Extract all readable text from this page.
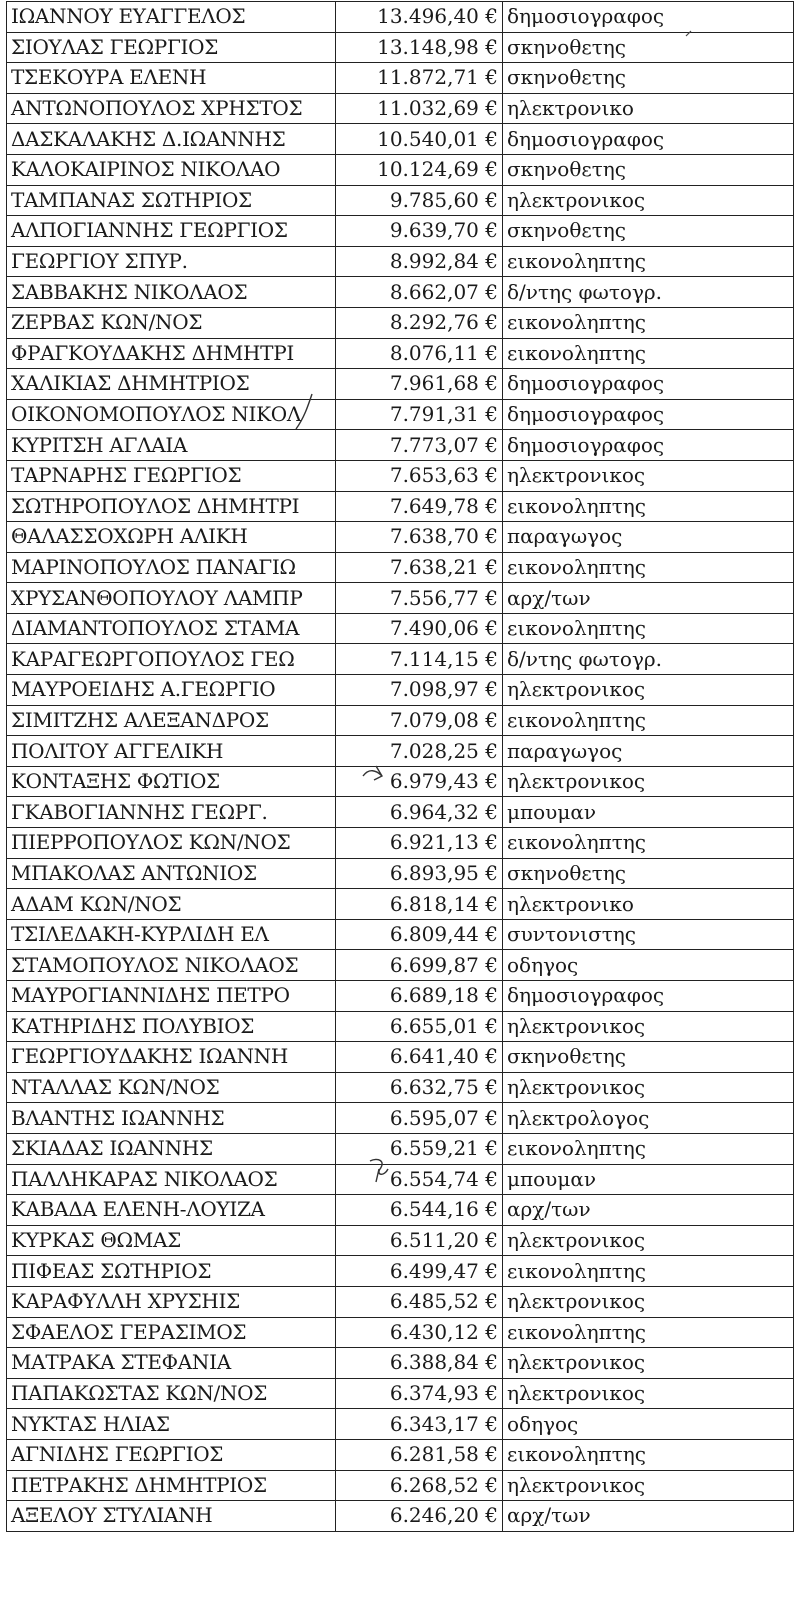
ΙΩΑΝΝΟΥ ΕΥΑΓΓΕΛΟΣ	13.496,40 €	δημοσιογραφος
ΣΙΟΥΛΑΣ ΓΕΩΡΓΙΟΣ	13.148,98 €	σκηνοθετης
ΤΣΕΚΟΥΡΑ ΕΛΕΝΗ	11.872,71 €	σκηνοθετης
ΑΝΤΩΝΟΠΟΥΛΟΣ ΧΡΗΣΤΟΣ	11.032,69 €	ηλεκτρονικο
ΔΑΣΚΑΛΑΚΗΣ Δ.ΙΩΑΝΝΗΣ	10.540,01 €	δημοσιογραφος
ΚΑΛΟΚΑΙΡΙΝΟΣ ΝΙΚΟΛΑΟ	10.124,69 €	σκηνοθετης
ΤΑΜΠΑΝΑΣ ΣΩΤΗΡΙΟΣ	9.785,60 €	ηλεκτρονικος
ΑΛΠΟΓΙΑΝΝΗΣ ΓΕΩΡΓΙΟΣ	9.639,70 €	σκηνοθετης
ΓΕΩΡΓΙΟΥ ΣΠΥΡ.	8.992,84 €	εικονοληπτης
ΣΑΒΒΑΚΗΣ ΝΙΚΟΛΑΟΣ	8.662,07 €	δ/ντης φωτογρ.
ΖΕΡΒΑΣ ΚΩΝ/ΝΟΣ	8.292,76 €	εικονοληπτης
ΦΡΑΓΚΟΥΔΑΚΗΣ ΔΗΜΗΤΡΙ	8.076,11 €	εικονοληπτης
ΧΑΛΙΚΙΑΣ ΔΗΜΗΤΡΙΟΣ	7.961,68 €	δημοσιογραφος
ΟΙΚΟΝΟΜΟΠΟΥΛΟΣ ΝΙΚΟΛ	7.791,31 €	δημοσιογραφος
ΚΥΡΙΤΣΗ ΑΓΛΑΙΑ	7.773,07 €	δημοσιογραφος
ΤΑΡΝΑΡΗΣ ΓΕΩΡΓΙΟΣ	7.653,63 €	ηλεκτρονικος
ΣΩΤΗΡΟΠΟΥΛΟΣ ΔΗΜΗΤΡΙ	7.649,78 €	εικονοληπτης
ΘΑΛΑΣΣΟΧΩΡΗ ΑΛΙΚΗ	7.638,70 €	παραγωγος
ΜΑΡΙΝΟΠΟΥΛΟΣ ΠΑΝΑΓΙΩ	7.638,21 €	εικονοληπτης
ΧΡΥΣΑΝΘΟΠΟΥΛΟΥ ΛΑΜΠΡ	7.556,77 €	αρχ/των
ΔΙΑΜΑΝΤΟΠΟΥΛΟΣ ΣΤΑΜΑ	7.490,06 €	εικονοληπτης
ΚΑΡΑΓΕΩΡΓΟΠΟΥΛΟΣ ΓΕΩ	7.114,15 €	δ/ντης φωτογρ.
ΜΑΥΡΟΕΙΔΗΣ Α.ΓΕΩΡΓΙΟ	7.098,97 €	ηλεκτρονικος
ΣΙΜΙΤΖΗΣ ΑΛΕΞΑΝΔΡΟΣ	7.079,08 €	εικονοληπτης
ΠΟΛΙΤΟΥ ΑΓΓΕΛΙΚΗ	7.028,25 €	παραγωγος
ΚΟΝΤΑΞΗΣ ΦΩΤΙΟΣ	6.979,43 €	ηλεκτρονικος
ΓΚΑΒΟΓΙΑΝΝΗΣ ΓΕΩΡΓ.	6.964,32 €	μπουμαν
ΠΙΕΡΡΟΠΟΥΛΟΣ ΚΩΝ/ΝΟΣ	6.921,13 €	εικονοληπτης
ΜΠΑΚΟΛΑΣ ΑΝΤΩΝΙΟΣ	6.893,95 €	σκηνοθετης
ΑΔΑΜ ΚΩΝ/ΝΟΣ	6.818,14 €	ηλεκτρονικο
ΤΣΙΛΕΔΑΚΗ-ΚΥΡΛΙΔΗ ΕΛ	6.809,44 €	συντονιστης
ΣΤΑΜΟΠΟΥΛΟΣ ΝΙΚΟΛΑΟΣ	6.699,87 €	οδηγος
ΜΑΥΡΟΓΙΑΝΝΙΔΗΣ ΠΕΤΡΟ	6.689,18 €	δημοσιογραφος
ΚΑΤΗΡΙΔΗΣ ΠΟΛΥΒΙΟΣ	6.655,01 €	ηλεκτρονικος
ΓΕΩΡΓΙΟΥΔΑΚΗΣ ΙΩΑΝΝΗ	6.641,40 €	σκηνοθετης
ΝΤΑΛΛΑΣ ΚΩΝ/ΝΟΣ	6.632,75 €	ηλεκτρονικος
ΒΛΑΝΤΗΣ ΙΩΑΝΝΗΣ	6.595,07 €	ηλεκτρολογος
ΣΚΙΑΔΑΣ ΙΩΑΝΝΗΣ	6.559,21 €	εικονοληπτης
ΠΑΛΛΗΚΑΡΑΣ ΝΙΚΟΛΑΟΣ	6.554,74 €	μπουμαν
ΚΑΒΑΔΑ ΕΛΕΝΗ-ΛΟΥΙΖΑ	6.544,16 €	αρχ/των
ΚΥΡΚΑΣ ΘΩΜΑΣ	6.511,20 €	ηλεκτρονικος
ΠΙΦΕΑΣ ΣΩΤΗΡΙΟΣ	6.499,47 €	εικονοληπτης
ΚΑΡΑΦΥΛΛΗ ΧΡΥΣΗΙΣ	6.485,52 €	ηλεκτρονικος
ΣΦΑΕΛΟΣ ΓΕΡΑΣΙΜΟΣ	6.430,12 €	εικονοληπτης
ΜΑΤΡΑΚΑ ΣΤΕΦΑΝΙΑ	6.388,84 €	ηλεκτρονικος
ΠΑΠΑΚΩΣΤΑΣ ΚΩΝ/ΝΟΣ	6.374,93 €	ηλεκτρονικος
ΝΥΚΤΑΣ ΗΛΙΑΣ	6.343,17 €	οδηγος
ΑΓΝΙΔΗΣ ΓΕΩΡΓΙΟΣ	6.281,58 €	εικονοληπτης
ΠΕΤΡΑΚΗΣ ΔΗΜΗΤΡΙΟΣ	6.268,52 €	ηλεκτρονικος
ΑΞΕΛΟΥ ΣΤΥΛΙΑΝΗ	6.246,20 €	αρχ/των
